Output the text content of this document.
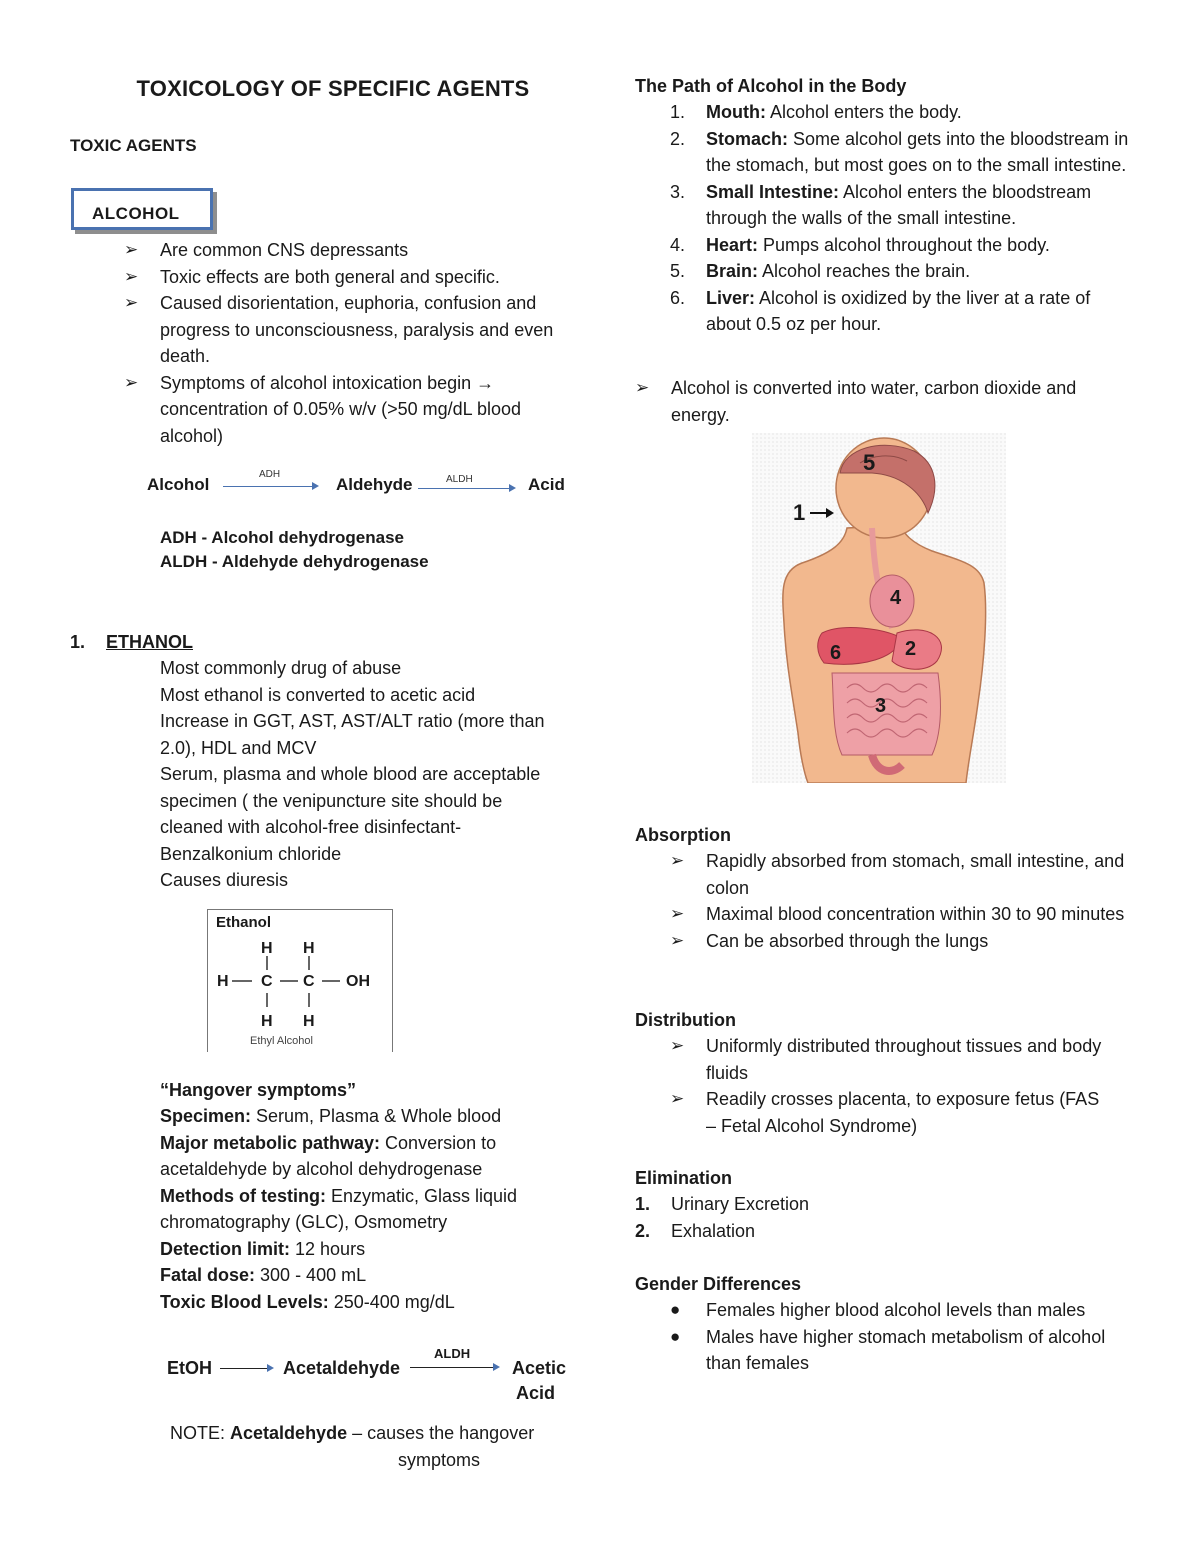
TOXICOLOGY OF SPECIFIC AGENTS
TOXIC AGENTS
ALCOHOL
➢ Are common CNS depressants
➢ Toxic effects are both general and specific.
➢ Caused disorientation, euphoria, confusion and progress to unconsciousness, paralysis and even death.
➢ Symptoms of alcohol intoxication begin → concentration of 0.05% w/v (>50 mg/dL blood alcohol)
Alcohol
ADH
Aldehyde	ALDH	Acid
ADH - Alcohol dehydrogenase
ALDH - Aldehyde dehydrogenase
1. ETHANOL
Most commonly drug of abuse
Most ethanol is converted to acetic acid
Increase in GGT, AST, AST/ALT ratio (more than 2.0), HDL and MCV
Serum, plasma and whole blood are acceptable specimen ( the venipuncture site should be cleaned with alcohol-free disinfectant- Benzalkonium chloride
Causes diuresis
Ethanol
H H
H C C OH
H H
Ethyl Alcohol
“Hangover symptoms”
Specimen: Serum, Plasma & Whole blood
Major metabolic pathway: Conversion to acetaldehyde by alcohol dehydrogenase
Methods of testing: Enzymatic, Glass liquid chromatography (GLC), Osmometry
Detection limit: 12 hours
Fatal dose: 300 - 400 mL
Toxic Blood Levels: 250-400 mg/dL
EtOH	Acetaldehyde
ALDH
Acetic
Acid
NOTE: Acetaldehyde – causes the hangover
symptoms
The Path of Alcohol in the Body
1. Mouth: Alcohol enters the body.
2. Stomach: Some alcohol gets into the bloodstream in the stomach, but most goes on to the small intestine.
3. Small Intestine: Alcohol enters the bloodstream through the walls of the small intestine.
4. Heart: Pumps alcohol throughout the body.
5. Brain: Alcohol reaches the brain.
6. Liver: Alcohol is oxidized by the liver at a rate of about 0.5 oz per hour.
➢ Alcohol is converted into water, carbon dioxide and energy.
5
1
4
6	2
3
Absorption
➢ Rapidly absorbed from stomach, small intestine, and colon
➢ Maximal blood concentration within 30 to 90 minutes
➢ Can be absorbed through the lungs
Distribution
➢ Uniformly distributed throughout tissues and body fluids
➢ Readily crosses placenta, to exposure fetus (FAS – Fetal Alcohol Syndrome)
Elimination
1. Urinary Excretion
2. Exhalation
Gender Differences
● Females higher blood alcohol levels than males
● Males have higher stomach metabolism of alcohol than females
